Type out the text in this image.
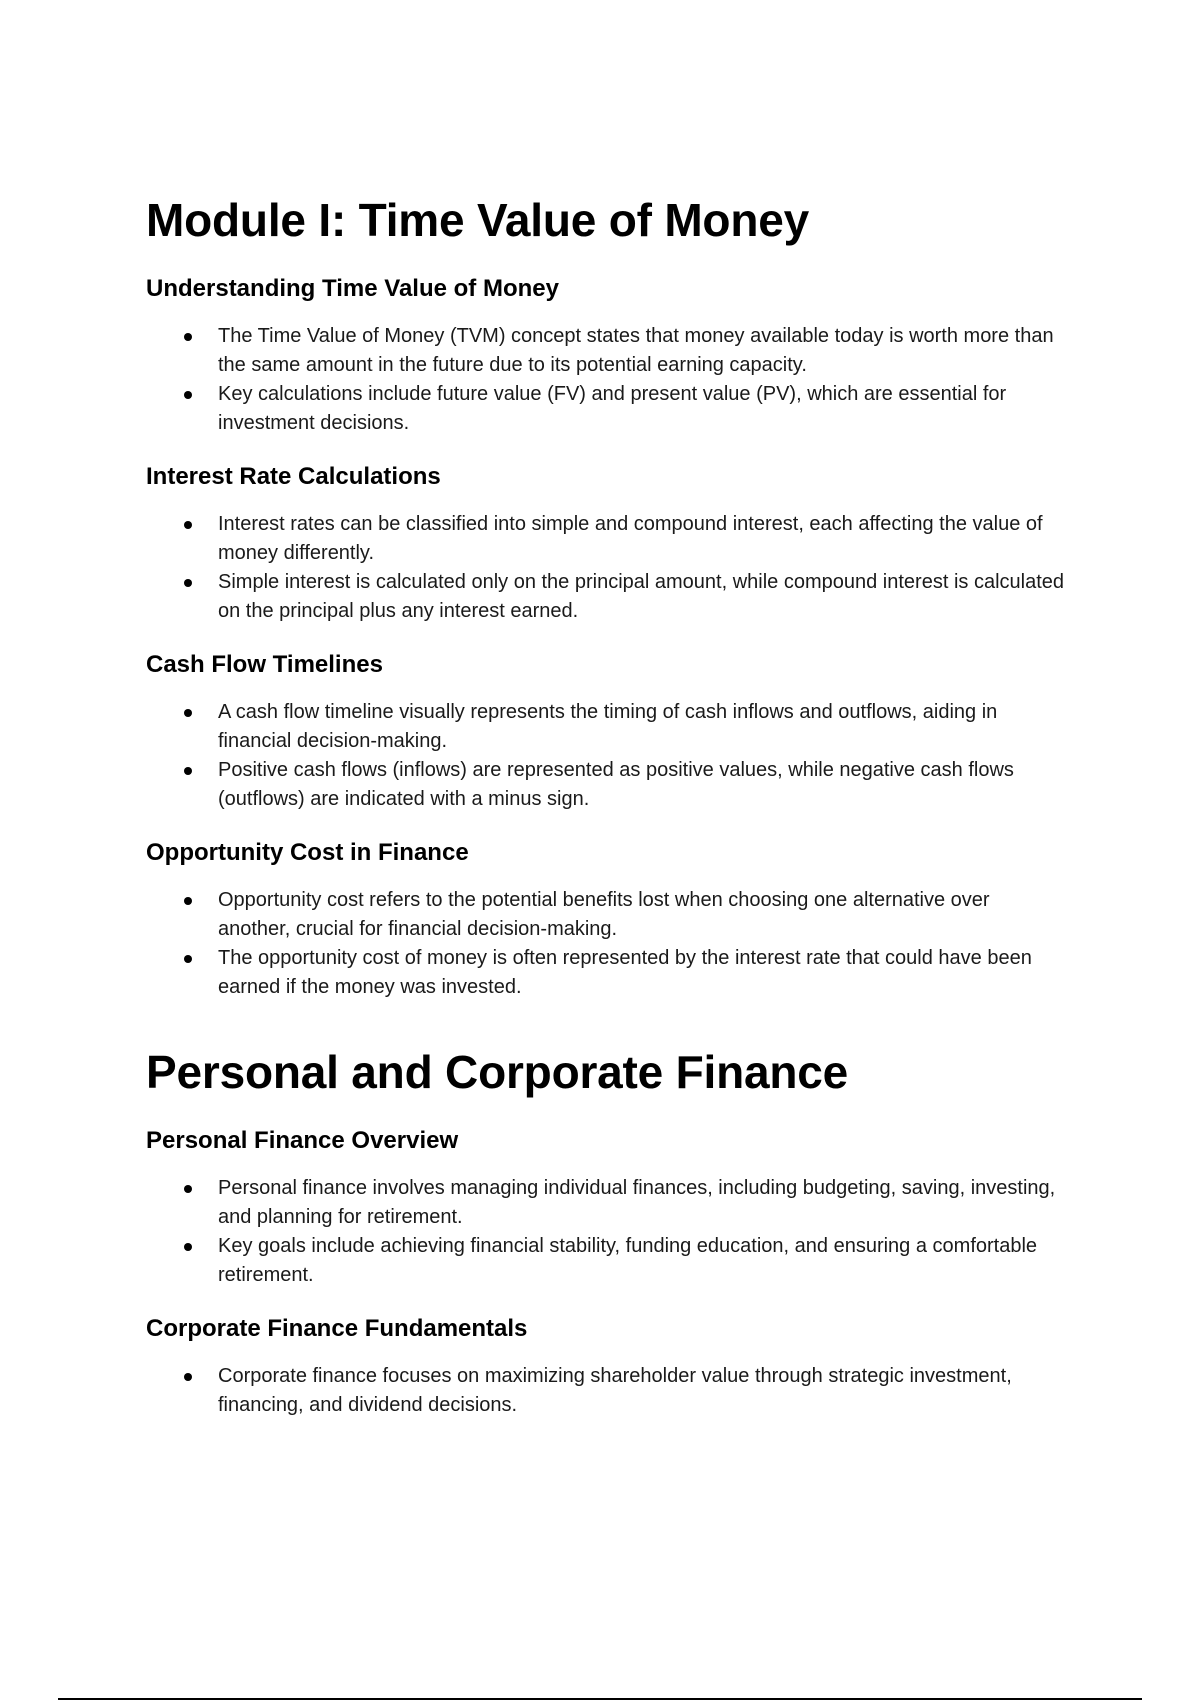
Module I: Time Value of Money
Understanding Time Value of Money
The Time Value of Money (TVM) concept states that money available today is worth more than the same amount in the future due to its potential earning capacity.
Key calculations include future value (FV) and present value (PV), which are essential for investment decisions.
Interest Rate Calculations
Interest rates can be classified into simple and compound interest, each affecting the value of money differently.
Simple interest is calculated only on the principal amount, while compound interest is calculated on the principal plus any interest earned.
Cash Flow Timelines
A cash flow timeline visually represents the timing of cash inflows and outflows, aiding in financial decision-making.
Positive cash flows (inflows) are represented as positive values, while negative cash flows (outflows) are indicated with a minus sign.
Opportunity Cost in Finance
Opportunity cost refers to the potential benefits lost when choosing one alternative over another, crucial for financial decision-making.
The opportunity cost of money is often represented by the interest rate that could have been earned if the money was invested.
Personal and Corporate Finance
Personal Finance Overview
Personal finance involves managing individual finances, including budgeting, saving, investing, and planning for retirement.
Key goals include achieving financial stability, funding education, and ensuring a comfortable retirement.
Corporate Finance Fundamentals
Corporate finance focuses on maximizing shareholder value through strategic investment, financing, and dividend decisions.
